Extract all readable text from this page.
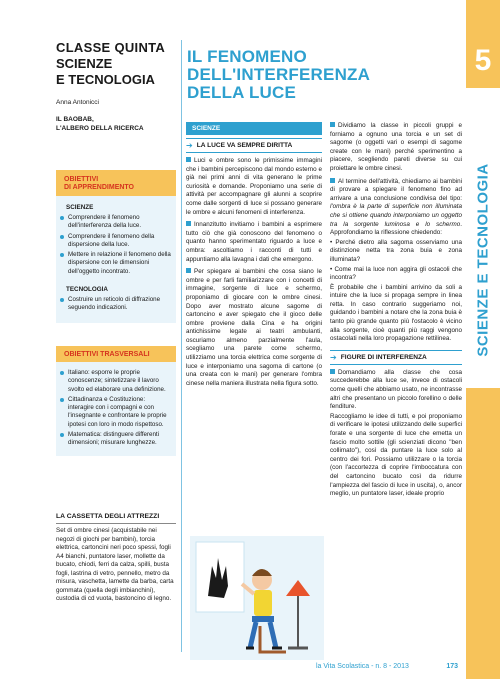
5
SCIENZE E TECNOLOGIA
CLASSE QUINTA
SCIENZE
E TECNOLOGIA
Anna Antonicci
IL BAOBAB,
L'ALBERO DELLA RICERCA
OBIETTIVI
DI APPRENDIMENTO
SCIENZE
Comprendere il fenomeno dell'interferenza della luce.
Comprendere il fenomeno della dispersione della luce.
Mettere in relazione il fenomeno della dispersione con le dimensioni dell'oggetto incontrato.
TECNOLOGIA
Costruire un reticolo di diffrazione seguendo indicazioni.
OBIETTIVI TRASVERSALI
Italiano: esporre le proprie conoscenze; sintetizzare il lavoro svolto ed elaborare una definizione.
Cittadinanza e Costituzione: interagire con i compagni e con l'insegnante e confrontare le proprie ipotesi con loro in modo rispettoso.
Matematica: distinguere differenti dimensioni; misurare lunghezze.
LA CASSETTA DEGLI ATTREZZI
Set di ombre cinesi (acquistabile nei negozi di giochi per bambini), torcia elettrica, cartoncini neri poco spessi, fogli A4 bianchi, puntatore laser, mollette da bucato, chiodi, ferri da calza, spilli, busta fogli, lastrina di vetro, pennello, metro da misura, vaschetta, lamette da barba, carta gommata (quella degli imbianchini), custodia di cd vuota, bastoncino di legno.
IL FENOMENO
DELL'INTERFERENZA
DELLA LUCE
SCIENZE
➔ LA LUCE VA SEMPRE DIRITTA

Luci e ombre sono le primissime immagini che i bambini percepiscono dal mondo esterno e già nei primi anni di vita generano le prime curiosità e domande. Proponiamo una serie di attività per accompagnare gli alunni a scoprire come dalle sorgenti di luce si possano generare le ombre e alcuni fenomeni di interferenza.

Innanzitutto invitiamo i bambini a esprimere tutto ciò che già conoscono del fenomeno o quanto hanno sperimentato riguardo a luce e ombra: ascoltiamo i racconti di tutti e appuntiamo alla lavagna i dati che emergono.

Per spiegare ai bambini che cosa siano le ombre e per farli familiarizzare con i concetti di immagine, sorgente di luce e schermo, proponiamo di giocare con le ombre cinesi. Dopo aver mostrato alcune sagome di cartoncino e aver spiegato che il gioco delle ombre proviene dalla Cina e ha origini antichissime legate ai teatri ambulanti, oscuriamo almeno parzialmente l'aula, scegliamo una parete come schermo, utilizziamo una torcia elettrica come sorgente di luce e interponiamo una sagoma di cartone (o una creata con le mani) per generare l'ombra cinese nella maniera illustrata nella figura sotto.

Dividiamo la classe in piccoli gruppi e forniamo a ognuno una torcia e un set di sagome (o oggetti vari o esempi di sagome create con le mani) perché sperimentino a piacere, scegliendo pareti diverse su cui proiettare le ombre cinesi.

Al termine dell'attività, chiediamo ai bambini di provare a spiegare il fenomeno fino ad arrivare a una conclusione condivisa del tipo: l'ombra è la parte di superficie non illuminata che si ottiene quando interponiamo un oggetto tra la sorgente luminosa e lo schermo. Approfondiamo la riflessione chiedendo:

• Perché dietro alla sagoma osserviamo una distinzione netta tra zona buia e zona illuminata?

• Come mai la luce non aggira gli ostacoli che incontra?

È probabile che i bambini arrivino da soli a intuire che la luce si propaga sempre in linea retta. In caso contrario suggeriamo noi, guidando i bambini a notare che la zona buia è tanto più grande quanto più l'ostacolo è vicino alla sorgente, cioè quanti più raggi vengono ostacolati nella loro propagazione rettilinea.

➔ FIGURE DI INTERFERENZA

Domandiamo alla classe che cosa succederebbe alla luce se, invece di ostacoli come quelli che abbiamo usato, ne incontrasse altri che presentano un piccolo forellino o delle fenditure.

Raccogliamo le idee di tutti, e poi proponiamo di verificare le ipotesi utilizzando delle superfici forate e una sorgente di luce che emetta un fascio molto sottile (gli scienziati dicono "ben collimato"), così da puntare la luce solo al centro dei fori. Possiamo utilizzare o la torcia (con l'accortezza di coprire l'imboccatura con del cartoncino bucato così da ridurre l'ampiezza del fascio di luce in uscita), o, ancor meglio, un puntatore laser, ideale proprio

la Vita Scolastica - n. 8 - 2013	173
